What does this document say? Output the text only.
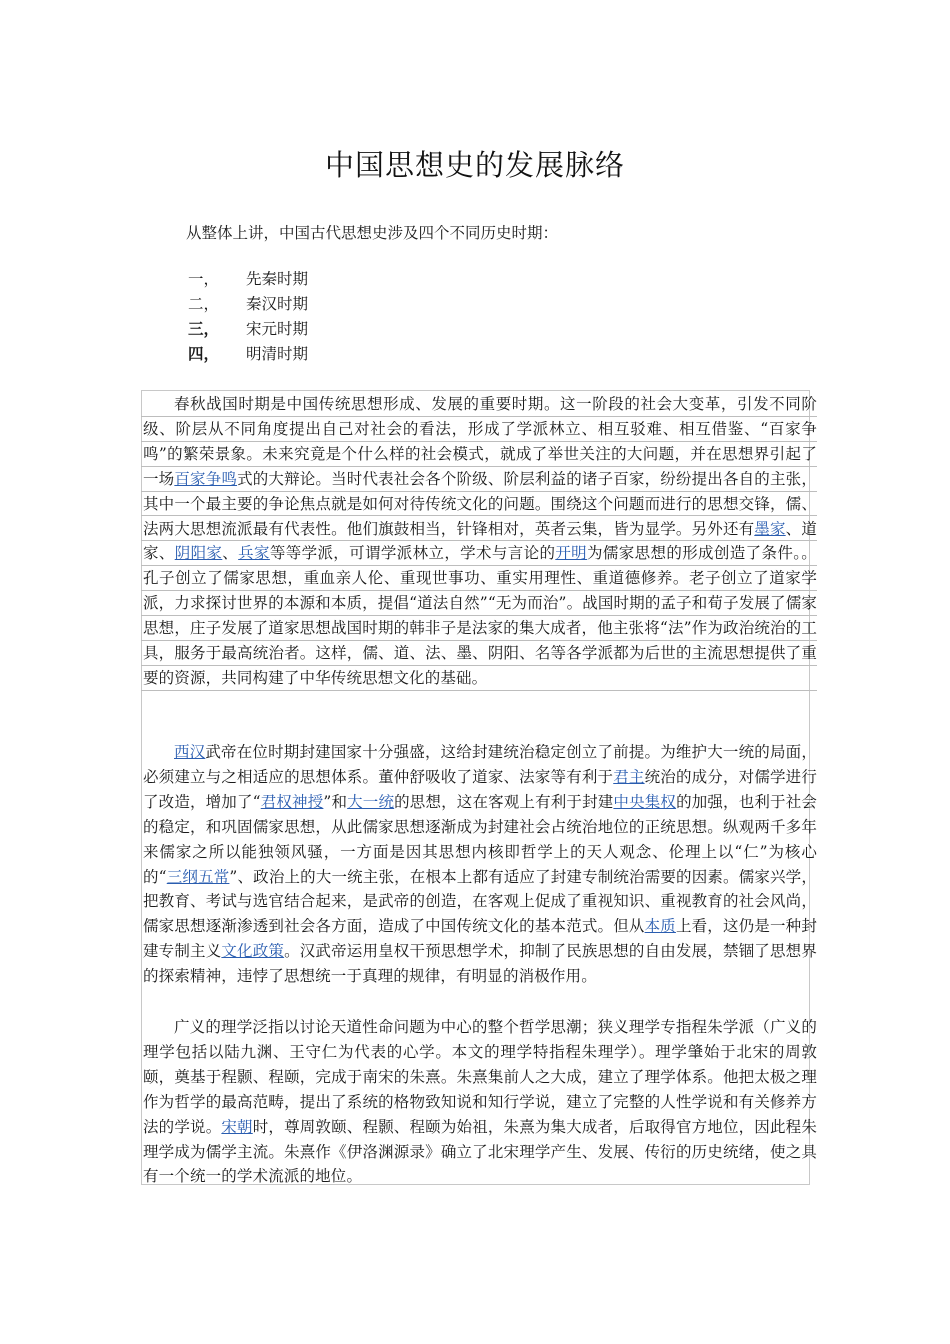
中国思想史的发展脉络
从整体上讲，中国古代思想史涉及四个不同历史时期：
一， 先秦时期
二， 秦汉时期
三， 宋元时期
四， 明清时期

春秋战国时期是中国传统思想形成、发展的重要时期。这一阶段的社会大变革，引发不同阶级、阶层从不同角度提出自己对社会的看法，形成了学派林立、相互驳难、相互借鉴、“百家争鸣”的繁荣景象。未来究竟是个什么样的社会模式，就成了举世关注的大问题，并在思想界引起了一场百家争鸣式的大辩论。当时代表社会各个阶级、阶层利益的诸子百家，纷纷提出各自的主张，其中一个最主要的争论焦点就是如何对待传统文化的问题。围绕这个问题而进行的思想交锋，儒、法两大思想流派最有代表性。他们旗鼓相当，针锋相对，英者云集，皆为显学。另外还有墨家、道家、阴阳家、兵家等等学派，可谓学派林立，学术与言论的开明为儒家思想的形成创造了条件。。孔子创立了儒家思想，重血亲人伦、重现世事功、重实用理性、重道德修养。老子创立了道家学派，力求探讨世界的本源和本质，提倡“道法自然”“无为而治”。战国时期的孟子和荀子发展了儒家思想，庄子发展了道家思想战国时期的韩非子是法家的集大成者，他主张将“法”作为政治统治的工具，服务于最高统治者。这样，儒、道、法、墨、阴阳、名等各学派都为后世的主流思想提供了重要的资源，共同构建了中华传统思想文化的基础。

西汉武帝在位时期封建国家十分强盛，这给封建统治稳定创立了前提。为维护大一统的局面，必须建立与之相适应的思想体系。董仲舒吸收了道家、法家等有利于君主统治的成分，对儒学进行了改造，增加了“君权神授”和大一统的思想，这在客观上有利于封建中央集权的加强，也利于社会的稳定，和巩固儒家思想，从此儒家思想逐渐成为封建社会占统治地位的正统思想。纵观两千多年来儒家之所以能独领风骚，一方面是因其思想内核即哲学上的天人观念、伦理上以“仁”为核心的“三纲五常”、政治上的大一统主张，在根本上都有适应了封建专制统治需要的因素。儒家兴学，把教育、考试与选官结合起来，是武帝的创造，在客观上促成了重视知识、重视教育的社会风尚，儒家思想逐渐渗透到社会各方面，造成了中国传统文化的基本范式。但从本质上看，这仍是一种封建专制主义文化政策。汉武帝运用皇权干预思想学术，抑制了民族思想的自由发展，禁锢了思想界的探索精神，违悖了思想统一于真理的规律，有明显的消极作用。

广义的理学泛指以讨论天道性命问题为中心的整个哲学思潮；狭义理学专指程朱学派（广义的理学包括以陆九渊、王守仁为代表的心学。本文的理学特指程朱理学）。理学肇始于北宋的周敦颐，奠基于程颢、程颐，完成于南宋的朱熹。朱熹集前人之大成，建立了理学体系。他把太极之理作为哲学的最高范畴，提出了系统的格物致知说和知行学说，建立了完整的人性学说和有关修养方法的学说。宋朝时，尊周敦颐、程颢、程颐为始祖，朱熹为集大成者，后取得官方地位，因此程朱理学成为儒学主流。朱熹作《伊洛渊源录》确立了北宋理学产生、发展、传衍的历史统绪，使之具有一个统一的学术流派的地位。
